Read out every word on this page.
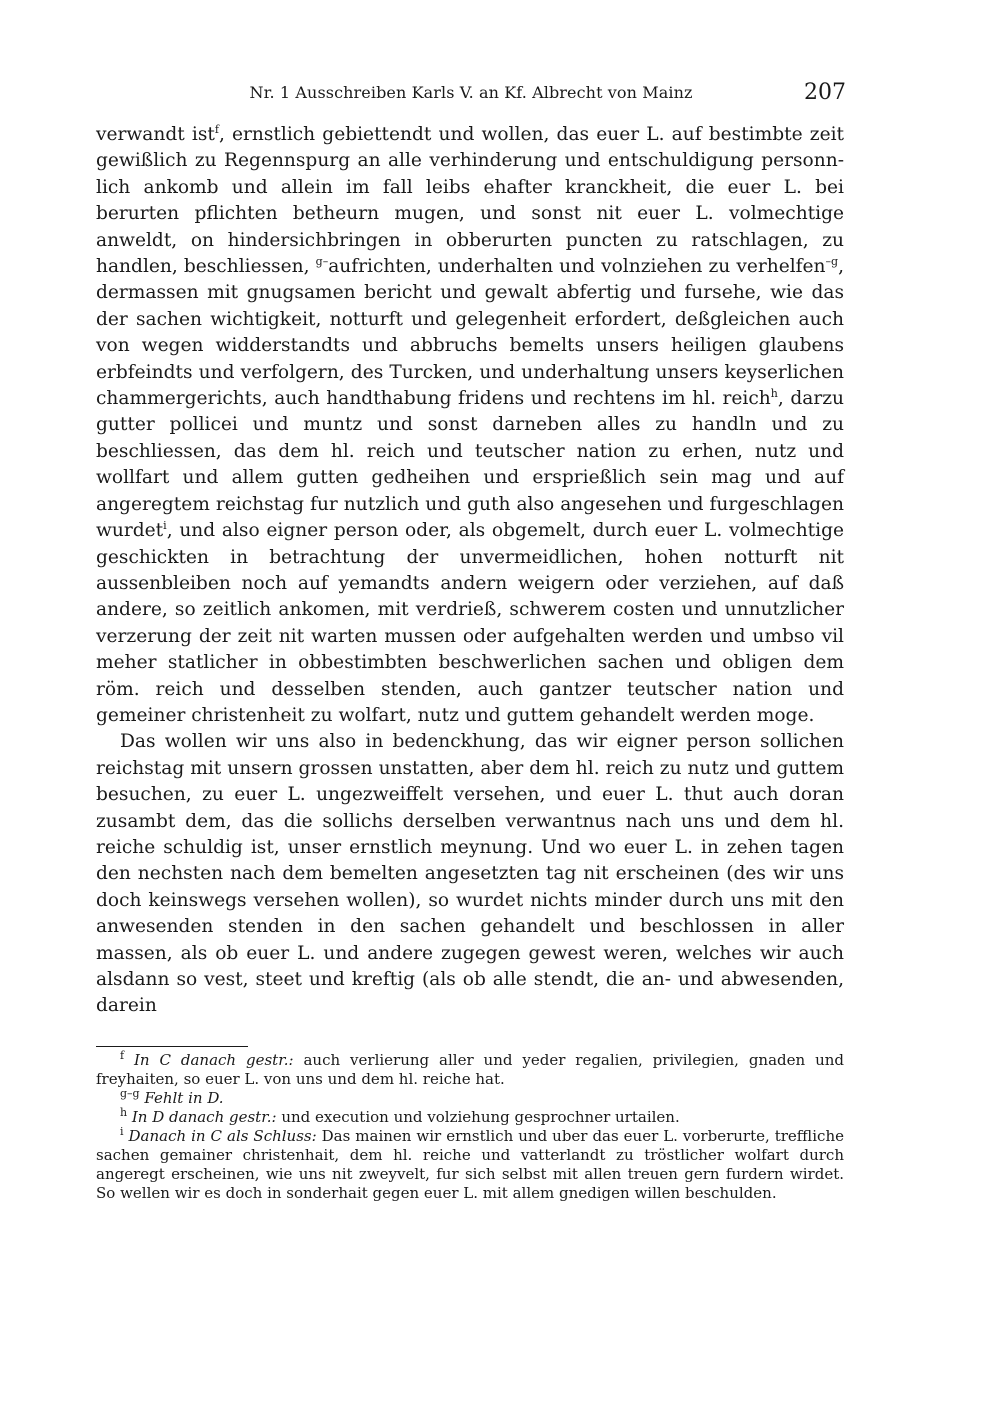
Nr. 1 Ausschreiben Karls V. an Kf. Albrecht von Mainz	207

verwandt ist$^f$, ernstlich gebiettendt und wollen, das euer L. auf bestimbte zeit gewißlich zu Regennspurg an alle verhinderung und entschuldigung personnlich ankomb und allein im fall leibs ehafter kranckheit, die euer L. bei berurten pflichten betheurn mugen, und sonst nit euer L. volmechtige anweldt, on hindersichbringen in obberurten puncten zu ratschlagen, zu handlen, beschliessen, $^{g-}$aufrichten, underhalten und volnziehen zu verhelfen$^{-g}$, dermassen mit gnugsamen bericht und gewalt abfertig und fursehe, wie das der sachen wichtigkeit, notturft und gelegenheit erfordert, deßgleichen auch von wegen widderstandts und abbruchs bemelts unsers heiligen glaubens erbfeindts und verfolgern, des Turcken, und underhaltung unsers keyserlichen chammergerichts, auch handthabung fridens und rechtens im hl. reich$^h$, darzu gutter pollicei und muntz und sonst darneben alles zu handln und zu beschliessen, das dem hl. reich und teutscher nation zu erhen, nutz und wollfart und allem gutten gedheihen und ersprießlich sein mag und auf angeregtem reichstag fur nutzlich und guth also angesehen und furgeschlagen wurdet$^i$, und also eigner person oder, als obgemelt, durch euer L. volmechtige geschickten in betrachtung der unvermeidlichen, hohen notturft nit aussenbleiben noch auf yemandts andern weigern oder verziehen, auf daß andere, so zeitlich ankomen, mit verdrieß, schwerem costen und unnutzlicher verzerung der zeit nit warten mussen oder aufgehalten werden und umbso vil meher statlicher in obbestimbten beschwerlichen sachen und obligen dem röm. reich und desselben stenden, auch gantzer teutscher nation und gemeiner christenheit zu wolfart, nutz und guttem gehandelt werden moge.

Das wollen wir uns also in bedenckhung, das wir eigner person sollichen reichstag mit unsern grossen unstatten, aber dem hl. reich zu nutz und guttem besuchen, zu euer L. ungezweiffelt versehen, und euer L. thut auch doran zusambt dem, das die sollichs derselben verwantnus nach uns und dem hl. reiche schuldig ist, unser ernstlich meynung. Und wo euer L. in zehen tagen den nechsten nach dem bemelten angesetzten tag nit erscheinen (des wir uns doch keinswegs versehen wollen), so wurdet nichts minder durch uns mit den anwesenden stenden in den sachen gehandelt und beschlossen in aller massen, als ob euer L. und andere zugegen gewest weren, welches wir auch alsdann so vest, steet und kreftig (als ob alle stendt, die an- und abwesenden, darein

$^f$ In C danach gestr.: auch verlierung aller und yeder regalien, privilegien, gnaden und freyhaiten, so euer L. von uns und dem hl. reiche hat.

$^{g-g}$ Fehlt in D.

$^h$ In D danach gestr.: und execution und volziehung gesprochner urtailen.

$^i$ Danach in C als Schluss: Das mainen wir ernstlich und uber das euer L. vorberurte, treffliche sachen gemainer christenhait, dem hl. reiche und vatterlandt zu tröstlicher wolfart durch angeregt erscheinen, wie uns nit zweyvelt, fur sich selbst mit allen treuen gern furdern wirdet. So wellen wir es doch in sonderhait gegen euer L. mit allem gnedigen willen beschulden.
